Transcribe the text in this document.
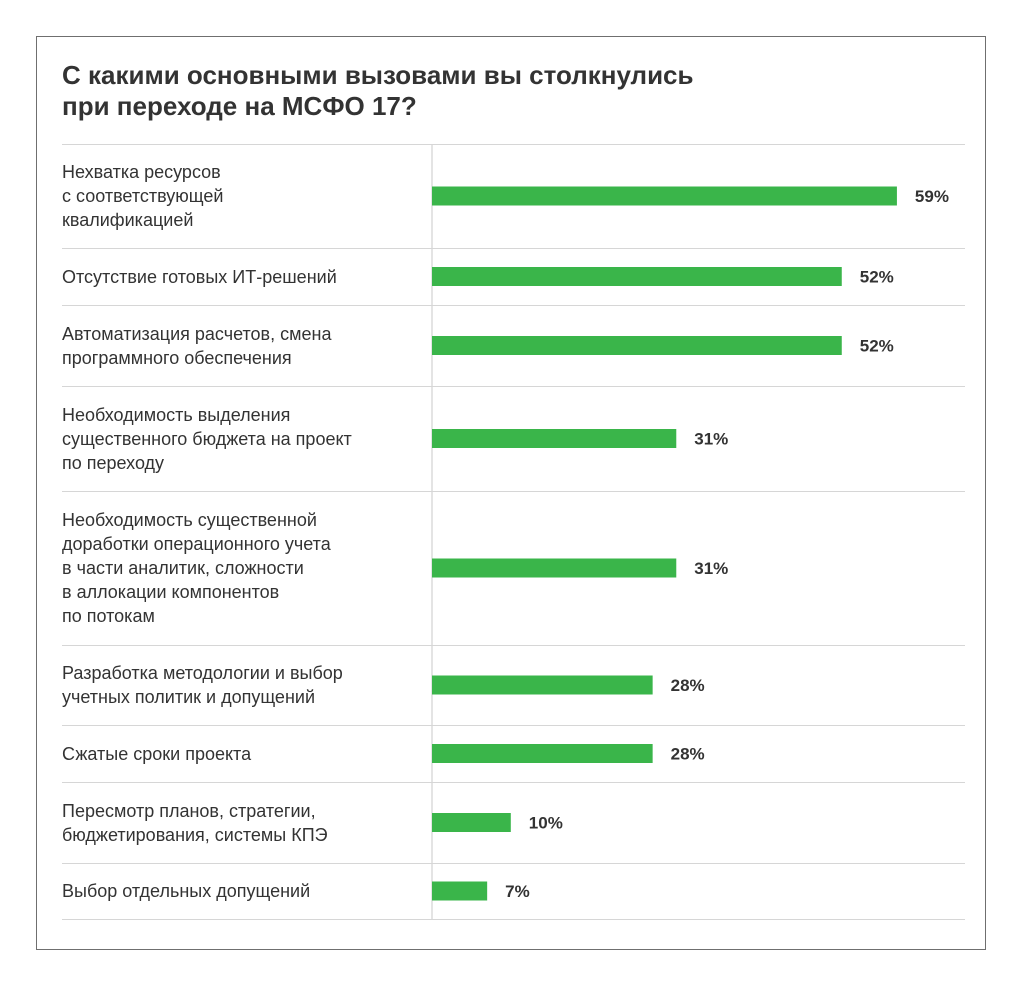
С какими основными вызовами вы столкнулись
при переходе на МСФО 17?
59%
52%
52%
31%
31%
28%
28%
10%
7%
Нехватка ресурсов
с соответствующей
квалификацией
Отсутствие готовых ИТ-решений
Автоматизация расчетов, смена
программного обеспечения
Необходимость выделения
существенного бюджета на проект
по переходу
Необходимость существенной
доработки операционного учета
в части аналитик, сложности
в аллокации компонентов
по потокам
Разработка методологии и выбор
учетных политик и допущений
Сжатые сроки проекта
Пересмотр планов, стратегии,
бюджетирования, системы КПЭ
Выбор отдельных допущений
